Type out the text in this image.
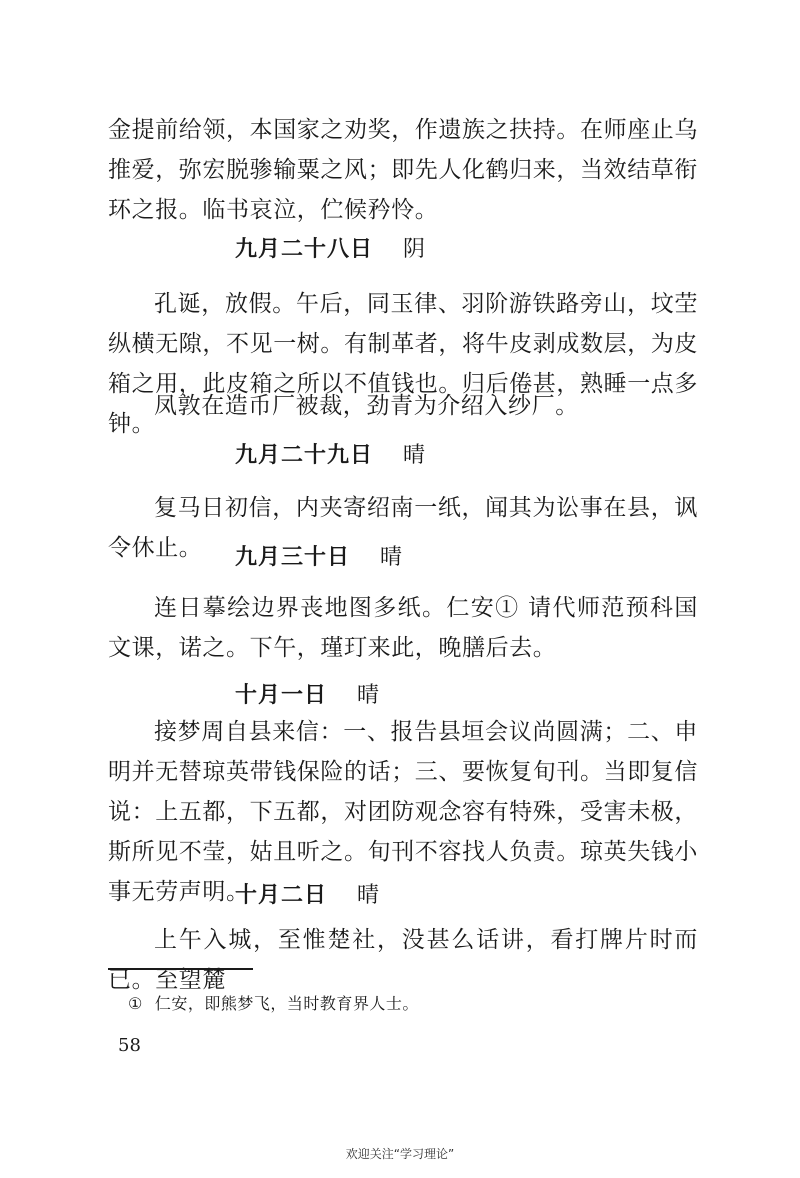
金提前给领，本国家之劝奖，作遗族之扶持。在师座止乌推爱，弥宏脱骖输粟之风；即先人化鹤归来，当效结草衔环之报。临书哀泣，伫候矜怜。

九月二十八日 阴

孔诞，放假。午后，同玉律、羽阶游铁路旁山，坟茔纵横无隙，不见一树。有制革者，将牛皮剥成数层，为皮箱之用，此皮箱之所以不值钱也。归后倦甚，熟睡一点多钟。

凤敦在造币厂被裁，劲青为介绍入纱厂。

九月二十九日 晴

复马日初信，内夹寄绍南一纸，闻其为讼事在县，讽令休止。	九月三十日 晴

连日摹绘边界丧地图多纸。仁安① 请代师范预科国文课，诺之。下午，瑾玎来此，晚膳后去。

十月一日 晴

接梦周自县来信：一、报告县垣会议尚圆满；二、申明并无替琼英带钱保险的话；三、要恢复旬刊。当即复信说：上五都，下五都，对团防观念容有特殊，受害未极，斯所见不莹，姑且听之。旬刊不容找人负责。琼英失钱小事无劳声明。

十月二日 晴

上午入城，至惟楚社，没甚么话讲，看打牌片时而已。至望麓

① 仁安，即熊梦飞，当时教育界人士。
58
欢迎关注“学习理论”
